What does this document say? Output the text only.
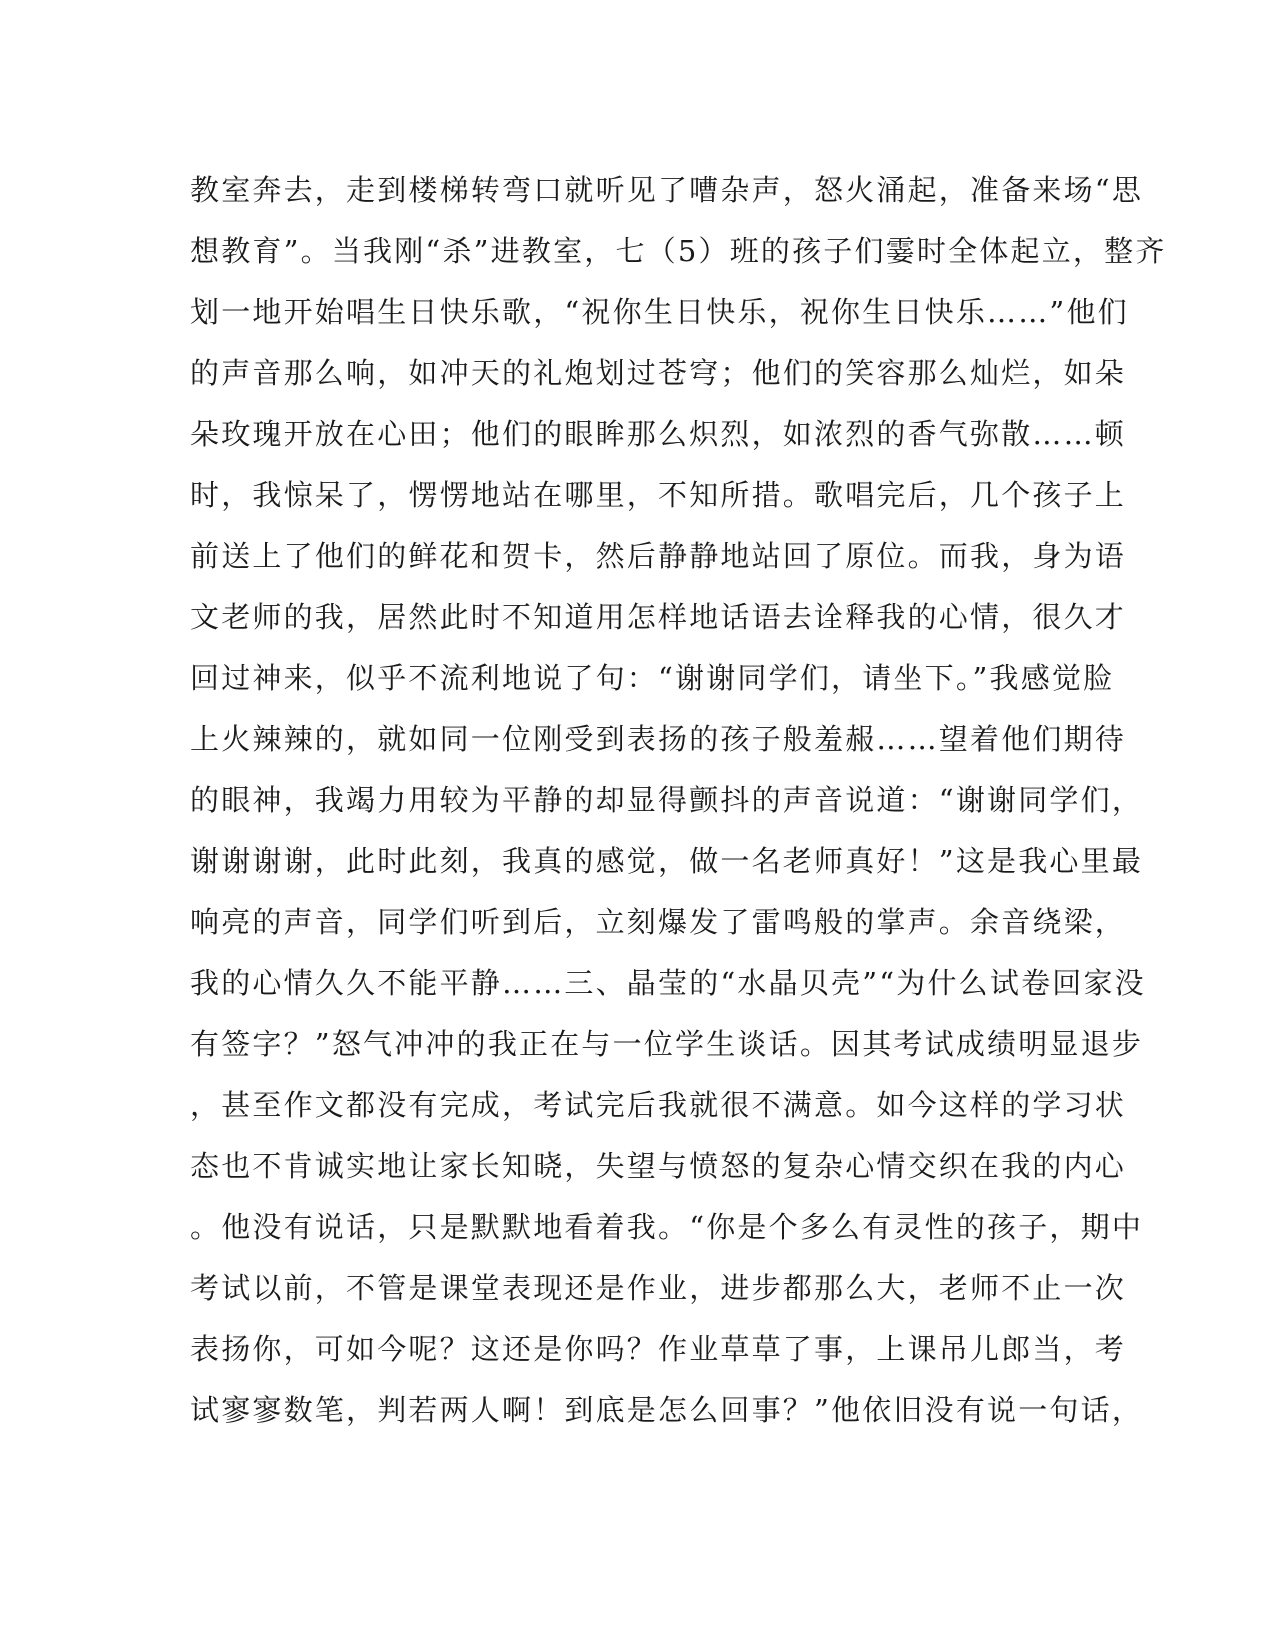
教室奔去，走到楼梯转弯口就听见了嘈杂声，怒火涌起，准备来场“思
想教育”。当我刚“杀”进教室，七（5）班的孩子们霎时全体起立，整齐
划一地开始唱生日快乐歌，“祝你生日快乐，祝你生日快乐……”他们
的声音那么响，如冲天的礼炮划过苍穹；他们的笑容那么灿烂，如朵
朵玫瑰开放在心田；他们的眼眸那么炽烈，如浓烈的香气弥散……顿
时，我惊呆了，愣愣地站在哪里，不知所措。歌唱完后，几个孩子上
前送上了他们的鲜花和贺卡，然后静静地站回了原位。而我，身为语
文老师的我，居然此时不知道用怎样地话语去诠释我的心情，很久才
回过神来，似乎不流利地说了句：“谢谢同学们，请坐下。”我感觉脸
上火辣辣的，就如同一位刚受到表扬的孩子般羞赧……望着他们期待
的眼神，我竭力用较为平静的却显得颤抖的声音说道：“谢谢同学们，
谢谢谢谢，此时此刻，我真的感觉，做一名老师真好！”这是我心里最
响亮的声音，同学们听到后，立刻爆发了雷鸣般的掌声。余音绕梁，
我的心情久久不能平静……三、晶莹的“水晶贝壳”“为什么试卷回家没
有签字？”怒气冲冲的我正在与一位学生谈话。因其考试成绩明显退步
，甚至作文都没有完成，考试完后我就很不满意。如今这样的学习状
态也不肯诚实地让家长知晓，失望与愤怒的复杂心情交织在我的内心
。他没有说话，只是默默地看着我。“你是个多么有灵性的孩子，期中
考试以前，不管是课堂表现还是作业，进步都那么大，老师不止一次
表扬你，可如今呢？这还是你吗？作业草草了事，上课吊儿郎当，考
试寥寥数笔，判若两人啊！到底是怎么回事？”他依旧没有说一句话，
